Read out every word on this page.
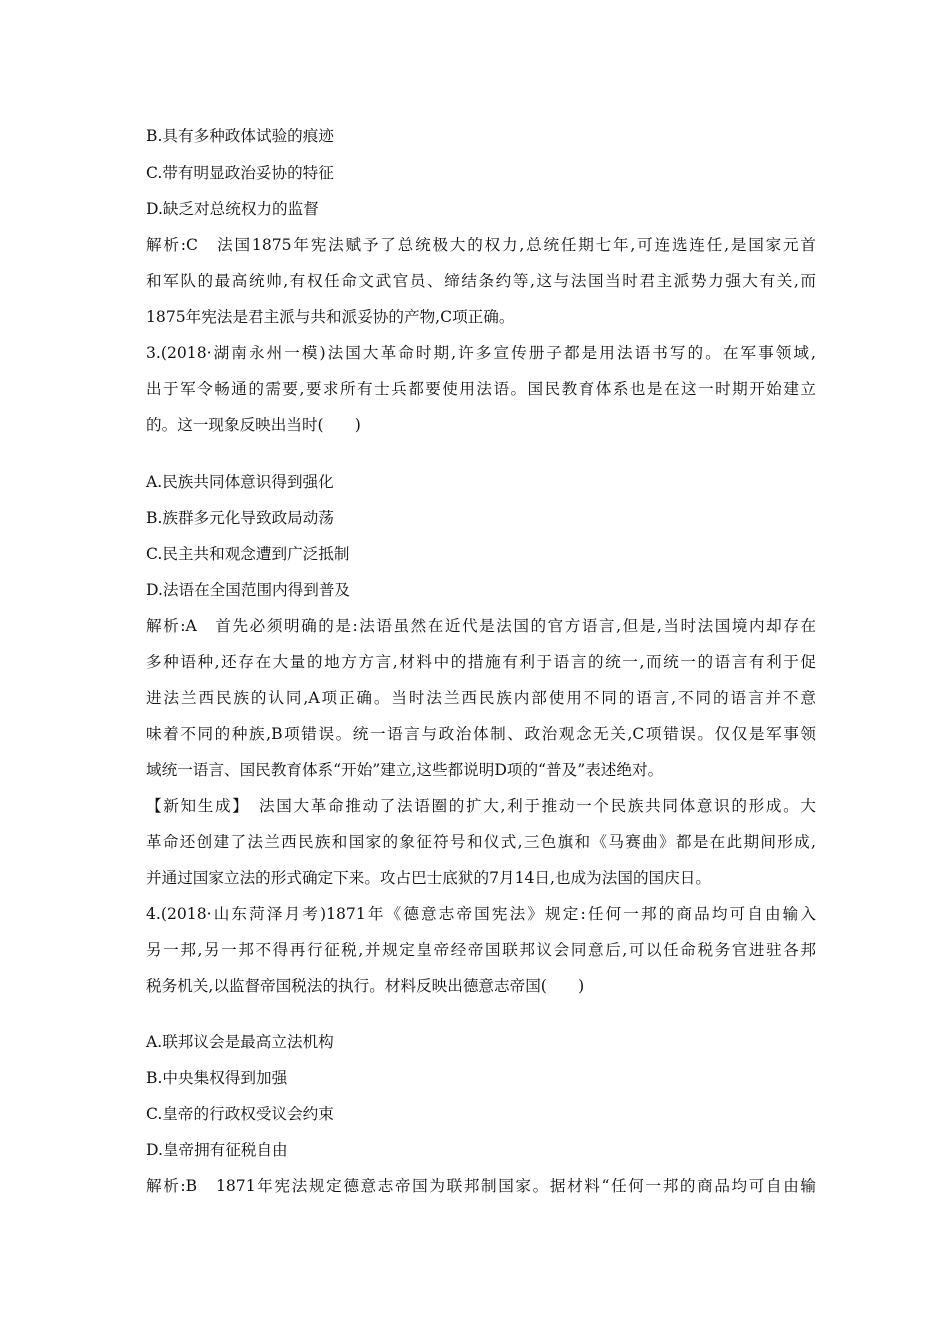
B.具有多种政体试验的痕迹
C.带有明显政治妥协的特征
D.缺乏对总统权力的监督
解析:C　法国1875年宪法赋予了总统极大的权力,总统任期七年,可连选连任,是国家元首
和军队的最高统帅,有权任命文武官员、缔结条约等,这与法国当时君主派势力强大有关,而
1875年宪法是君主派与共和派妥协的产物,C项正确。
3.(2018·湖南永州一模)法国大革命时期,许多宣传册子都是用法语书写的。在军事领域,
出于军令畅通的需要,要求所有士兵都要使用法语。国民教育体系也是在这一时期开始建立
的。这一现象反映出当时(　　)
A.民族共同体意识得到强化
B.族群多元化导致政局动荡
C.民主共和观念遭到广泛抵制
D.法语在全国范围内得到普及
解析:A　首先必须明确的是:法语虽然在近代是法国的官方语言,但是,当时法国境内却存在
多种语种,还存在大量的地方方言,材料中的措施有利于语言的统一,而统一的语言有利于促
进法兰西民族的认同,A项正确。当时法兰西民族内部使用不同的语言,不同的语言并不意
味着不同的种族,B项错误。统一语言与政治体制、政治观念无关,C项错误。仅仅是军事领
域统一语言、国民教育体系“开始”建立,这些都说明D项的“普及”表述绝对。
【新知生成】　法国大革命推动了法语圈的扩大,利于推动一个民族共同体意识的形成。大
革命还创建了法兰西民族和国家的象征符号和仪式,三色旗和《马赛曲》都是在此期间形成,
并通过国家立法的形式确定下来。攻占巴士底狱的7月14日,也成为法国的国庆日。
4.(2018·山东菏泽月考)1871年《德意志帝国宪法》规定:任何一邦的商品均可自由输入
另一邦,另一邦不得再行征税,并规定皇帝经帝国联邦议会同意后,可以任命税务官进驻各邦
税务机关,以监督帝国税法的执行。材料反映出德意志帝国(　　)
A.联邦议会是最高立法机构
B.中央集权得到加强
C.皇帝的行政权受议会约束
D.皇帝拥有征税自由
解析:B　1871年宪法规定德意志帝国为联邦制国家。据材料“任何一邦的商品均可自由输
